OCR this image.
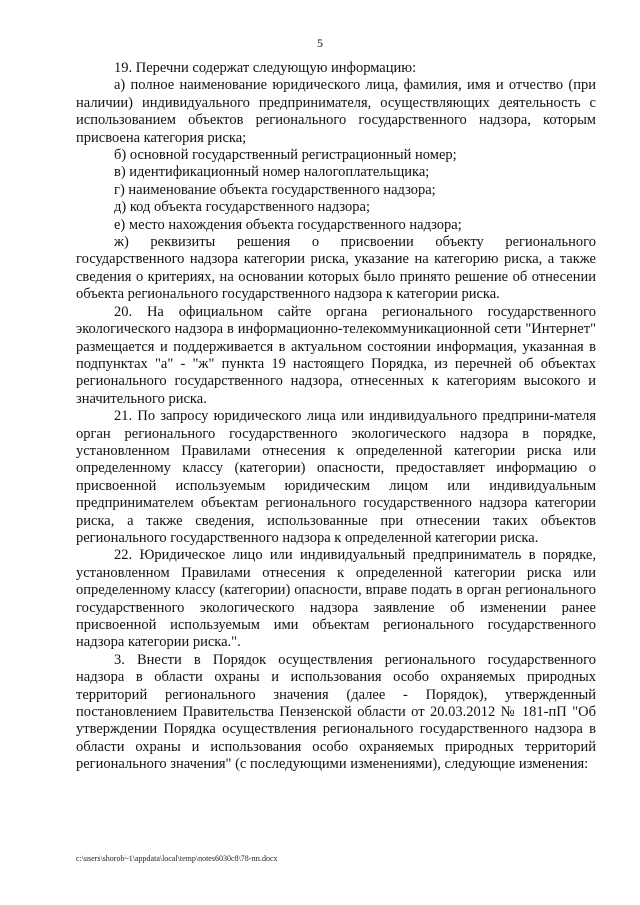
5

19. Перечни содержат следующую информацию:

а) полное наименование юридического лица, фамилия, имя и отчество (при наличии) индивидуального предпринимателя, осуществляющих деятельность с использованием объектов регионального государственного надзора, которым присвоена категория риска;

б) основной государственный регистрационный номер;

в) идентификационный номер налогоплательщика;

г) наименование объекта государственного надзора;

д) код объекта государственного надзора;

е) место нахождения объекта государственного надзора;

ж) реквизиты решения о присвоении объекту регионального государственного надзора категории риска, указание на категорию риска, а также сведения о критериях, на основании которых было принято решение об отнесении объекта регионального государственного надзора к категории риска.

20. На официальном сайте органа регионального государственного экологического надзора в информационно-телекоммуникационной сети "Интернет" размещается и поддерживается в актуальном состоянии информация, указанная в подпунктах "а" - "ж" пункта 19 настоящего Порядка, из перечней об объектах регионального государственного надзора, отнесенных к категориям высокого и значительного риска.

21. По запросу юридического лица или индивидуального предприни-мателя орган регионального государственного экологического надзора в порядке, установленном Правилами отнесения к определенной категории риска или определенному классу (категории) опасности, предоставляет информацию о присвоенной используемым юридическим лицом или индивидуальным предпринимателем объектам регионального государственного надзора категории риска, а также сведения, использованные при отнесении таких объектов регионального государственного надзора к определенной категории риска.

22. Юридическое лицо или индивидуальный предприниматель в порядке, установленном Правилами отнесения к определенной категории риска или определенному классу (категории) опасности, вправе подать в орган регионального государственного экологического надзора заявление об изменении ранее присвоенной используемым ими объектам регионального государственного надзора категории риска.".

3. Внести в Порядок осуществления регионального государственного надзора в области охраны и использования особо охраняемых природных территорий регионального значения (далее - Порядок), утвержденный постановлением Правительства Пензенской области от 20.03.2012 № 181-пП "Об утверждении Порядка осуществления регионального государственного надзора в области охраны и использования особо охраняемых природных территорий регионального значения" (с последующими изменениями), следующие изменения:

c:\users\shorob~1\appdata\local\temp\notes6030c8\78-пп.docx
